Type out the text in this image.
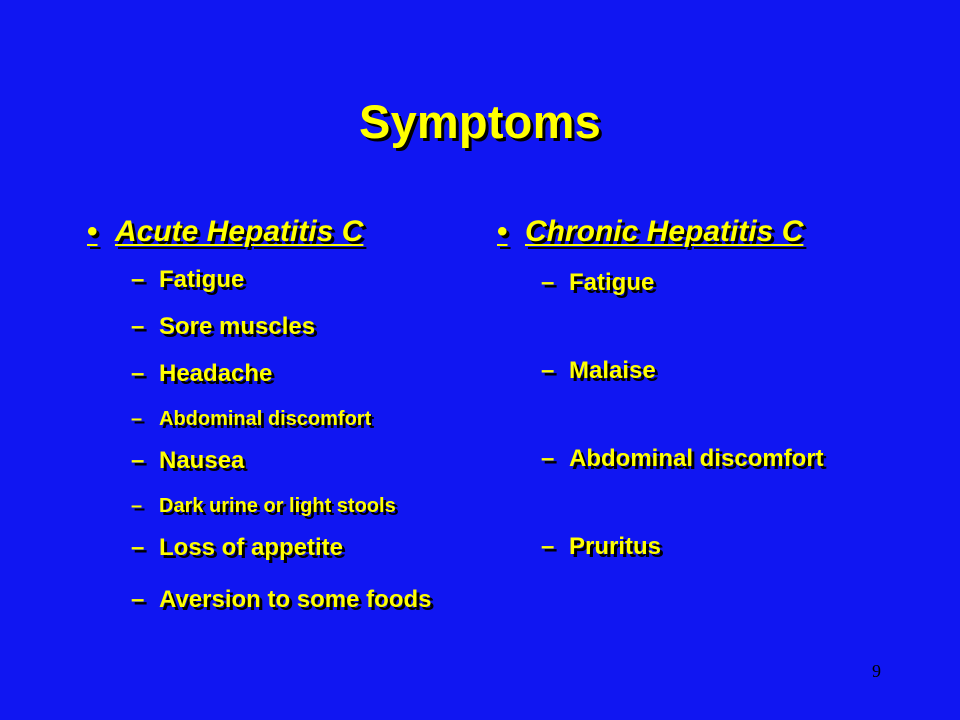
Symptoms
• Acute Hepatitis C
– Fatigue
– Sore muscles
– Headache
– Abdominal discomfort
– Nausea
– Dark urine or light stools
– Loss of appetite
– Aversion to some foods
• Chronic Hepatitis C
– Fatigue
– Malaise
– Abdominal discomfort
– Pruritus
9
